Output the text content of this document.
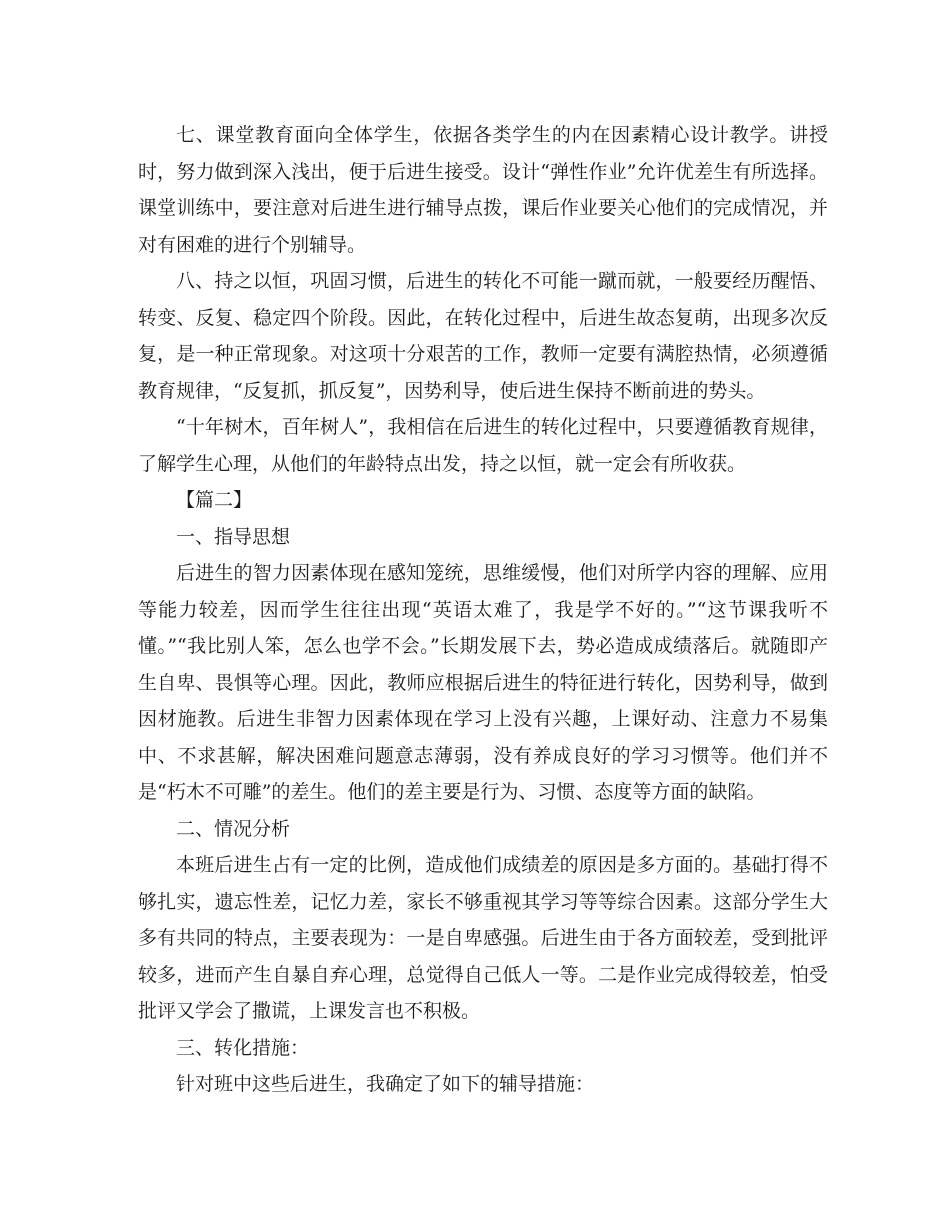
七、课堂教育面向全体学生，依据各类学生的内在因素精心设计教学。讲授时，努力做到深入浅出，便于后进生接受。设计“弹性作业”允许优差生有所选择。课堂训练中，要注意对后进生进行辅导点拨，课后作业要关心他们的完成情况，并对有困难的进行个别辅导。

八、持之以恒，巩固习惯，后进生的转化不可能一蹴而就，一般要经历醒悟、转变、反复、稳定四个阶段。因此，在转化过程中，后进生故态复萌，出现多次反复，是一种正常现象。对这项十分艰苦的工作，教师一定要有满腔热情，必须遵循教育规律，“反复抓，抓反复”，因势利导，使后进生保持不断前进的势头。

“十年树木，百年树人”，我相信在后进生的转化过程中，只要遵循教育规律，了解学生心理，从他们的年龄特点出发，持之以恒，就一定会有所收获。

【篇二】

一、指导思想

后进生的智力因素体现在感知笼统，思维缓慢，他们对所学内容的理解、应用等能力较差，因而学生往往出现“英语太难了，我是学不好的。”“这节课我听不懂。”“我比别人笨，怎么也学不会。”长期发展下去，势必造成成绩落后。就随即产生自卑、畏惧等心理。因此，教师应根据后进生的特征进行转化，因势利导，做到因材施教。后进生非智力因素体现在学习上没有兴趣，上课好动、注意力不易集中、不求甚解，解决困难问题意志薄弱，没有养成良好的学习习惯等。他们并不是“朽木不可雕”的差生。他们的差主要是行为、习惯、态度等方面的缺陷。

二、情况分析

本班后进生占有一定的比例，造成他们成绩差的原因是多方面的。基础打得不够扎实，遗忘性差，记忆力差，家长不够重视其学习等等综合因素。这部分学生大多有共同的特点，主要表现为：一是自卑感强。后进生由于各方面较差，受到批评较多，进而产生自暴自弃心理，总觉得自己低人一等。二是作业完成得较差，怕受批评又学会了撒谎，上课发言也不积极。

三、转化措施：

针对班中这些后进生，我确定了如下的辅导措施：
